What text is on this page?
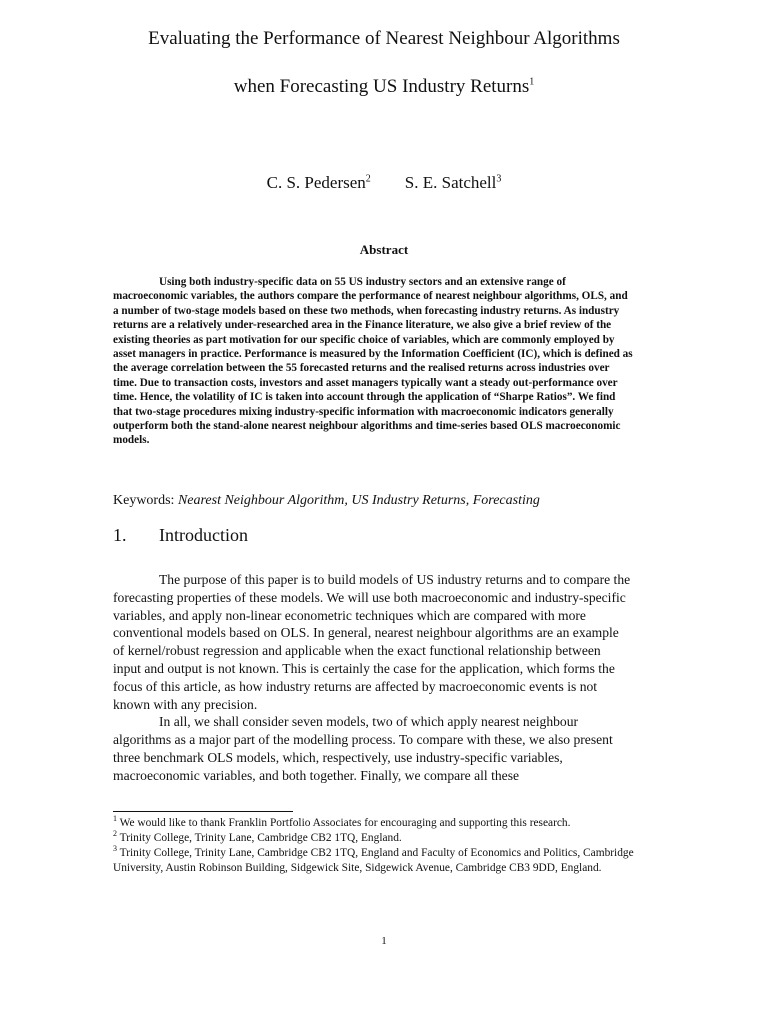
Evaluating the Performance of Nearest Neighbour Algorithms
when Forecasting US Industry Returns$^1$
C. S. Pedersen$^2$ S. E. Satchell$^3$
Abstract

Using both industry-specific data on 55 US industry sectors and an extensive range of macroeconomic variables, the authors compare the performance of nearest neighbour algorithms, OLS, and a number of two-stage models based on these two methods, when forecasting industry returns. As industry returns are a relatively under-researched area in the Finance literature, we also give a brief review of the existing theories as part motivation for our specific choice of variables, which are commonly employed by asset managers in practice. Performance is measured by the Information Coefficient (IC), which is defined as the average correlation between the 55 forecasted returns and the realised returns across industries over time. Due to transaction costs, investors and asset managers typically want a steady out-performance over time. Hence, the volatility of IC is taken into account through the application of “Sharpe Ratios”. We find that two-stage procedures mixing industry-specific information with macroeconomic indicators generally outperform both the stand-alone nearest neighbour algorithms and time-series based OLS macroeconomic models.

Keywords: Nearest Neighbour Algorithm, US Industry Returns, Forecasting
1. Introduction

The purpose of this paper is to build models of US industry returns and to compare the forecasting properties of these models. We will use both macroeconomic and industry-specific variables, and apply non-linear econometric techniques which are compared with more conventional models based on OLS. In general, nearest neighbour algorithms are an example of kernel/robust regression and applicable when the exact functional relationship between input and output is not known. This is certainly the case for the application, which forms the focus of this article, as how industry returns are affected by macroeconomic events is not known with any precision.

In all, we shall consider seven models, two of which apply nearest neighbour algorithms as a major part of the modelling process. To compare with these, we also present three benchmark OLS models, which, respectively, use industry-specific variables, macroeconomic variables, and both together. Finally, we compare all these

$^1$ We would like to thank Franklin Portfolio Associates for encouraging and supporting this research.

$^2$ Trinity College, Trinity Lane, Cambridge CB2 1TQ, England.

$^3$ Trinity College, Trinity Lane, Cambridge CB2 1TQ, England and Faculty of Economics and Politics, Cambridge University, Austin Robinson Building, Sidgewick Site, Sidgewick Avenue, Cambridge CB3 9DD, England.

1
